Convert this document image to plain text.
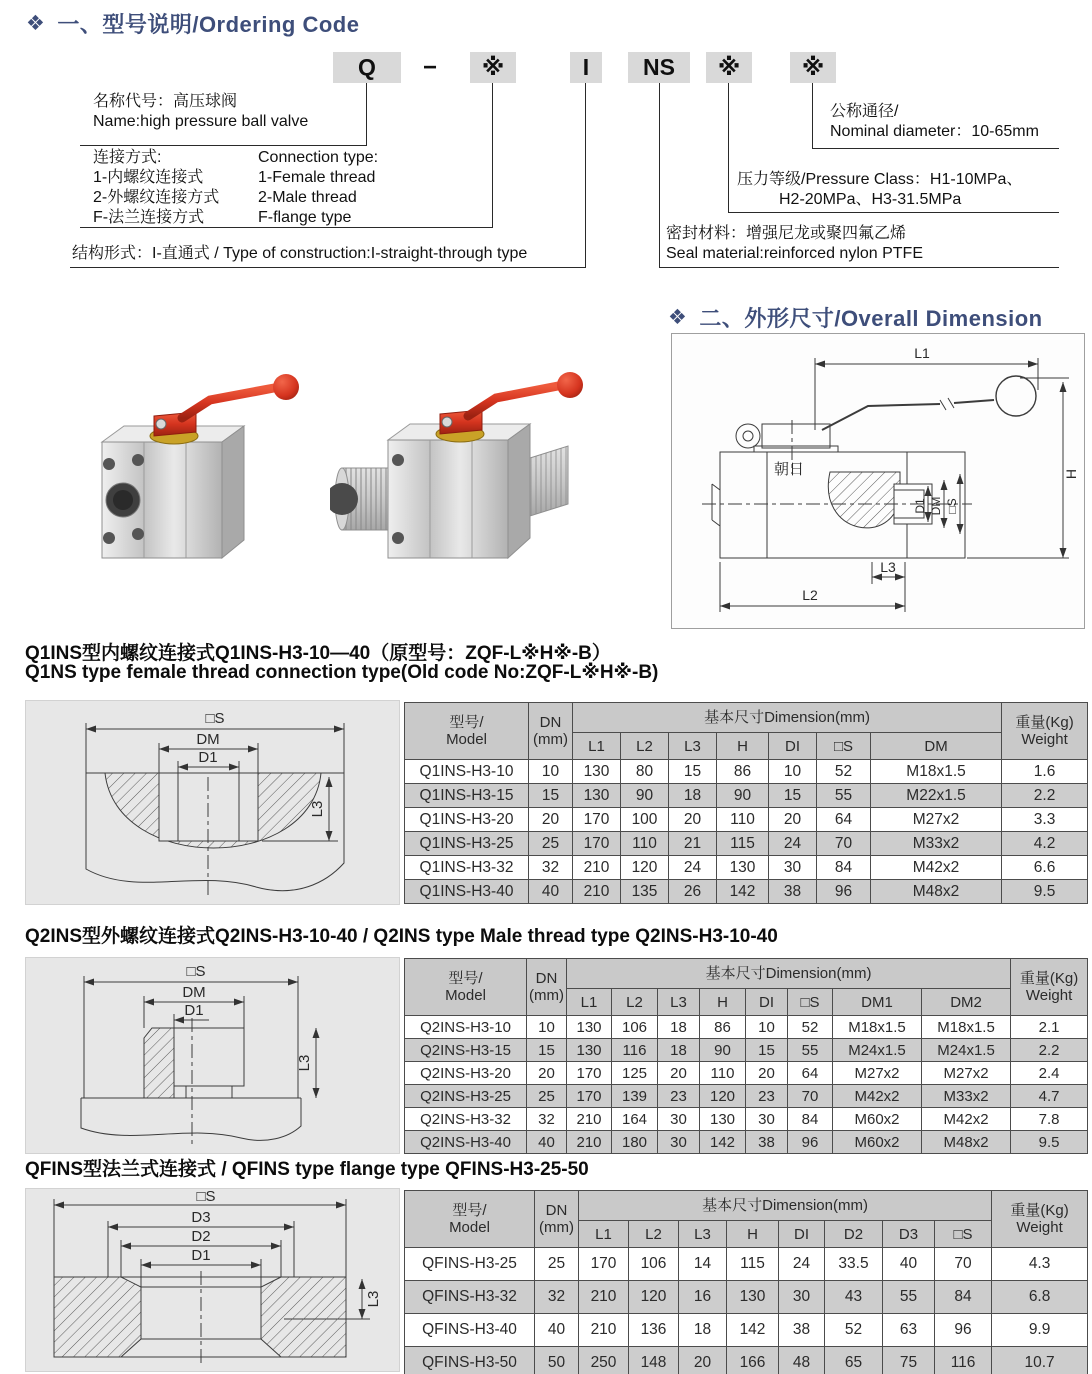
❖ 一、型号说明/Ordering Code
Q	−	※	I	NS	※	※
名称代号：高压球阀
Name:high pressure ball valve
连接方式:	Connection type:
1-内螺纹连接式	1-Female thread
2-外螺纹连接方式	2-Male thread
F-法兰连接方式	F-flange type
结构形式：I-直通式 / Type of construction:I-straight-through type
公称通径/
Nominal diameter：10-65mm
压力等级/Pressure Class：H1-10MPa、
H2-20MPa、H3-31.5MPa
密封材料：增强尼龙或聚四氟乙烯
Seal material:reinforced nylon PTFE
❖ 二、外形尺寸/Overall Dimension
L1
H
朝日
D1 DM □S
L3
L2
Q1INS型内螺纹连接式Q1INS-H3-10—40（原型号：ZQF-L※H※-B）
Q1NS type female thread connection type(Old code No:ZQF-L※H※-B)
□S
DM
D1
L3
型号/
Model

DN
(mm)
	基本尺寸Dimension(mm)	重量(Kg)
Weight

		L1	L2	L3	H	DI	□S	DM	
Q1INS-H3-10	10	130	80	15	86	10	52	M18x1.5	1.6
Q1INS-H3-15	15	130	90	18	90	15	55	M22x1.5	2.2
Q1INS-H3-20	20	170	100	20	110	20	64	M27x2	3.3
Q1INS-H3-25	25	170	110	21	115	24	70	M33x2	4.2
Q1INS-H3-32	32	210	120	24	130	30	84	M42x2	6.6
Q1INS-H3-40	40	210	135	26	142	38	96	M48x2	9.5
Q2INS型外螺纹连接式Q2INS-H3-10-40 / Q2INS type Male thread type Q2INS-H3-10-40
□S
DM
D1
L3
型号/
Model

DN
(mm)
	基本尺寸Dimension(mm)	重量(Kg)
Weight

		L1	L2	L3	H	DI	□S	DM1	DM2	
Q2INS-H3-10	10	130	106	18	86	10	52	M18x1.5	M18x1.5	2.1
Q2INS-H3-15	15	130	116	18	90	15	55	M24x1.5	M24x1.5	2.2
Q2INS-H3-20	20	170	125	20	110	20	64	M27x2	M27x2	2.4
Q2INS-H3-25	25	170	139	23	120	23	70	M42x2	M33x2	4.7
Q2INS-H3-32	32	210	164	30	130	30	84	M60x2	M42x2	7.8
Q2INS-H3-40	40	210	180	30	142	38	96	M60x2	M48x2	9.5
QFINS型法兰式连接式 / QFINS type flange type QFINS-H3-25-50
□S
D3
D2
D1
L3
型号/
Model

DN
(mm)
	基本尺寸Dimension(mm)	重量(Kg)
Weight

		L1	L2	L3	H	DI	D2	D3	□S	
QFINS-H3-25	25	170	106	14	115	24	33.5	40	70	4.3
QFINS-H3-32	32	210	120	16	130	30	43	55	84	6.8
QFINS-H3-40	40	210	136	18	142	38	52	63	96	9.9
QFINS-H3-50	50	250	148	20	166	48	65	75	116	10.7
